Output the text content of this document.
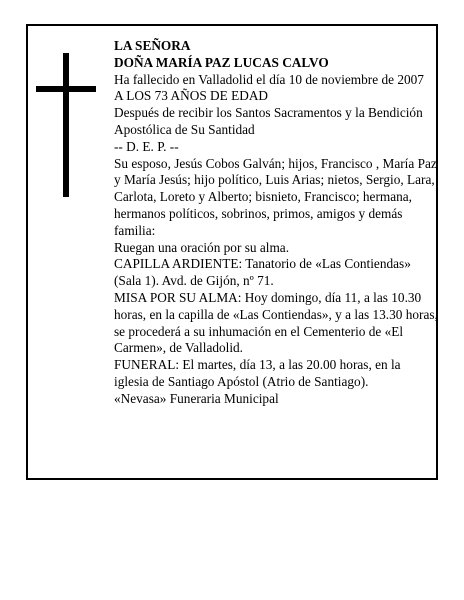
LA SEÑORA

DOÑA MARÍA PAZ LUCAS CALVO

Ha fallecido en Valladolid el día 10 de noviembre de 2007

A LOS 73 AÑOS DE EDAD

Después de recibir los Santos Sacramentos y la Bendición Apostólica de Su Santidad

-- D. E. P. --

Su esposo, Jesús Cobos Galván; hijos, Francisco , María Paz y María Jesús; hijo político, Luis Arias; nietos, Sergio, Lara, Carlota, Loreto y Alberto; bisnieto, Francisco; hermana, hermanos políticos, sobrinos, primos, amigos y demás familia:

Ruegan una oración por su alma.

CAPILLA ARDIENTE: Tanatorio de «Las Contiendas» (Sala 1). Avd. de Gijón, nº 71.

MISA POR SU ALMA: Hoy domingo, día 11, a las 10.30 horas, en la capilla de «Las Contiendas», y a las 13.30 horas, se procederá a su inhumación en el Cementerio de «El Carmen», de Valladolid.

FUNERAL: El martes, día 13, a las 20.00 horas, en la iglesia de Santiago Apóstol (Atrio de Santiago).

«Nevasa» Funeraria Municipal
